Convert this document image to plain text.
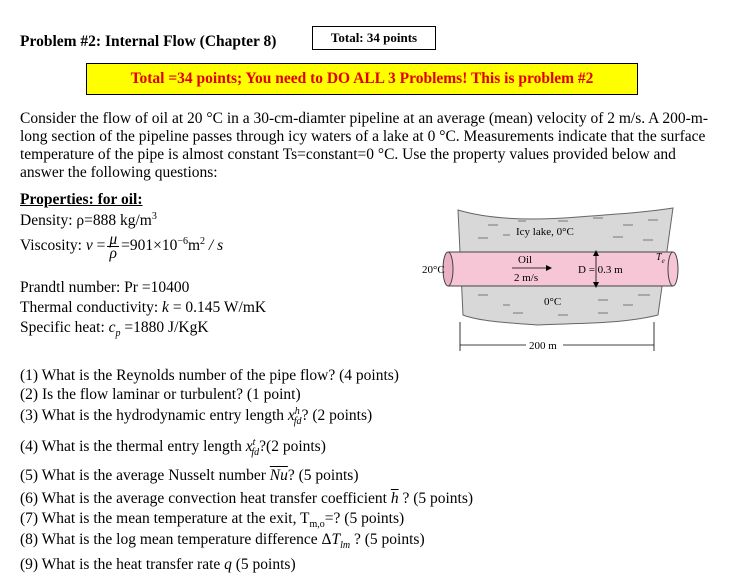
Problem #2: Internal Flow (Chapter 8)	Total: 34 points
Total =34 points; You need to DO ALL 3 Problems! This is problem #2
Consider the flow of oil at 20 °C in a 30-cm-diamter pipeline at an average (mean) velocity of 2 m/s. A 200-m-long section of the pipeline passes through icy waters of a lake at 0 °C. Measurements indicate that the surface temperature of the pipe is almost constant Ts=constant=0 °C. Use the property values provided below and answer the following questions:
Properties: for oil:
Density: ρ=888 $kg/m^3$
Viscosity: $\nu = \frac{\mu}{\rho} =901\times 10^{-6}m^2 / s$
Prandtl number: Pr =10400
Thermal conductivity: k = 0.145 W/mK
Specific heat: $c_p =1880$ J/KgK
Icy lake, 0°C
20°C
Oil
2 m/s
D = 0.3 m
$T_e$
0°C
200 m
(1) What is the Reynolds number of the pipe flow? (4 points)
(2) Is the flow laminar or turbulent? (1 point)
(3) What is the hydrodynamic entry length $x^h_{fd}$? (2 points)
(4) What is the thermal entry length $x^t_{fd}?(2$ points)
(5) What is the average Nusselt number $\overline{Nu}$? (5 points)
(6) What is the average convection heat transfer coefficient $\overline{h}$ ? (5 points)
(7) What is the mean temperature at the exit, $T_{m,o}=$? (5 points)
(8) What is the log mean temperature difference $\Delta T_{lm}$ ? (5 points)
(9) What is the heat transfer rate q (5 points)
